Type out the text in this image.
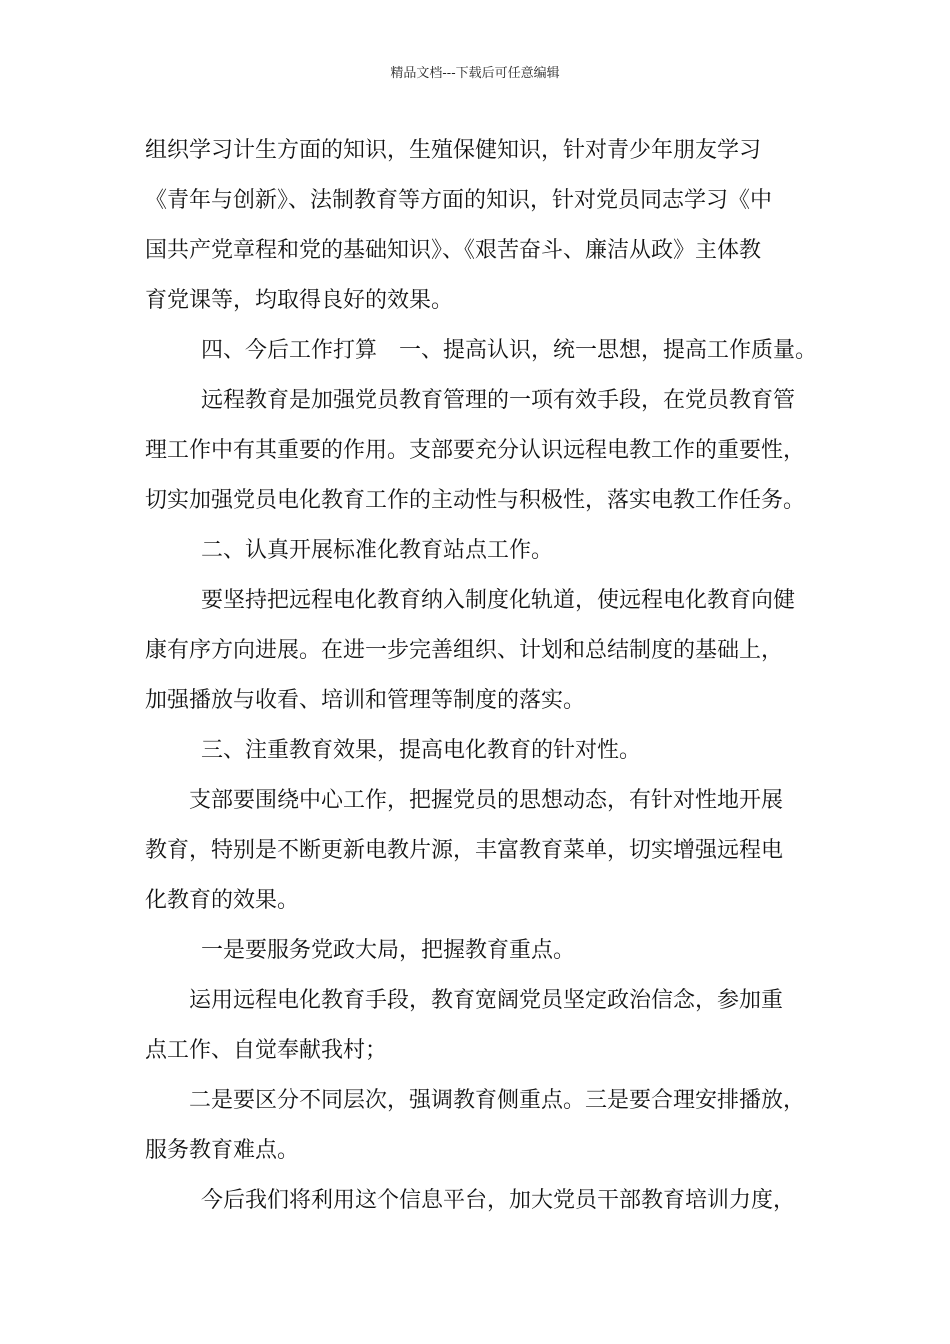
精品文档---下载后可任意编辑
组织学习计生方面的知识，生殖保健知识，针对青少年朋友学习
《青年与创新》、法制教育等方面的知识，针对党员同志学习《中
国共产党章程和党的基础知识》、《艰苦奋斗、廉洁从政》主体教
育党课等，均取得良好的效果。
四、今后工作打算　一、提高认识，统一思想，提高工作质量。
远程教育是加强党员教育管理的一项有效手段，在党员教育管
理工作中有其重要的作用。支部要充分认识远程电教工作的重要性，
切实加强党员电化教育工作的主动性与积极性，落实电教工作任务。
二、认真开展标准化教育站点工作。
要坚持把远程电化教育纳入制度化轨道，使远程电化教育向健
康有序方向进展。在进一步完善组织、计划和总结制度的基础上，
加强播放与收看、培训和管理等制度的落实。
三、注重教育效果，提高电化教育的针对性。
支部要围绕中心工作，把握党员的思想动态，有针对性地开展
教育，特别是不断更新电教片源，丰富教育菜单，切实增强远程电
化教育的效果。
一是要服务党政大局，把握教育重点。
运用远程电化教育手段，教育宽阔党员坚定政治信念，参加重
点工作、自觉奉献我村；
二是要区分不同层次，强调教育侧重点。三是要合理安排播放，
服务教育难点。
今后我们将利用这个信息平台，加大党员干部教育培训力度，
